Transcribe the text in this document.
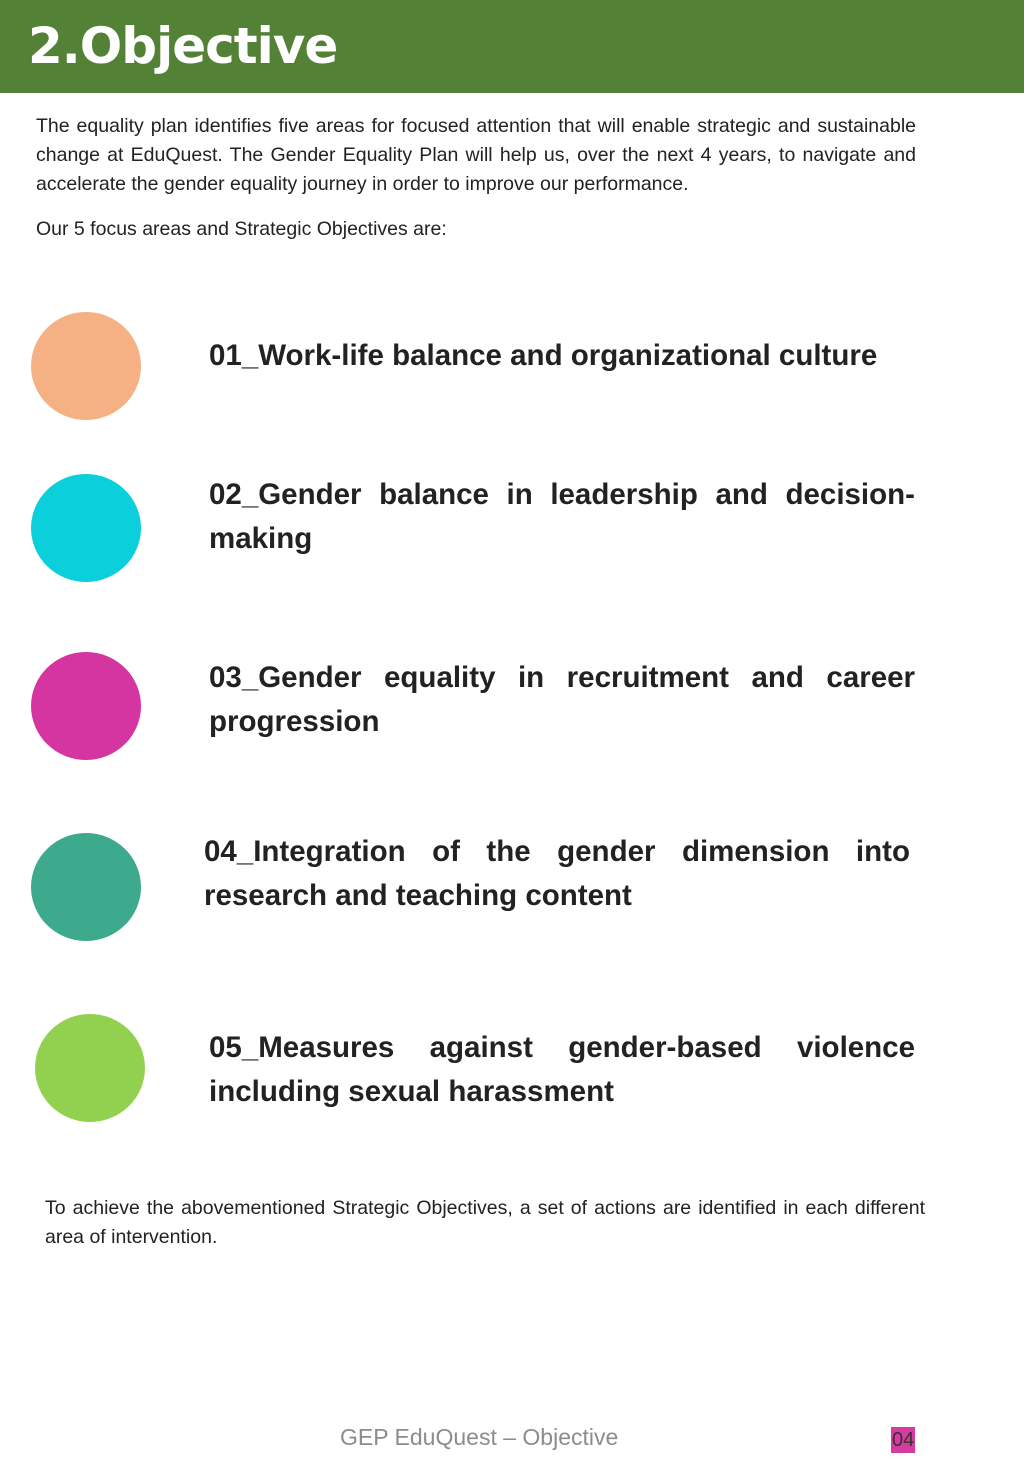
2.Objective

The equality plan identifies five areas for focused attention that will enable strategic and sustainable change at EduQuest. The Gender Equality Plan will help us, over the next 4 years, to navigate and accelerate the gender equality journey in order to improve our performance.

Our 5 focus areas and Strategic Objectives are:

01_Work-life balance and organizational culture

02_Gender balance in leadership and decision-making

03_Gender equality in recruitment and career progression

04_Integration of the gender dimension into research and teaching content

05_Measures against gender-based violence including sexual harassment

To achieve the abovementioned Strategic Objectives, a set of actions are identified in each different area of intervention.

GEP EduQuest – Objective	04
